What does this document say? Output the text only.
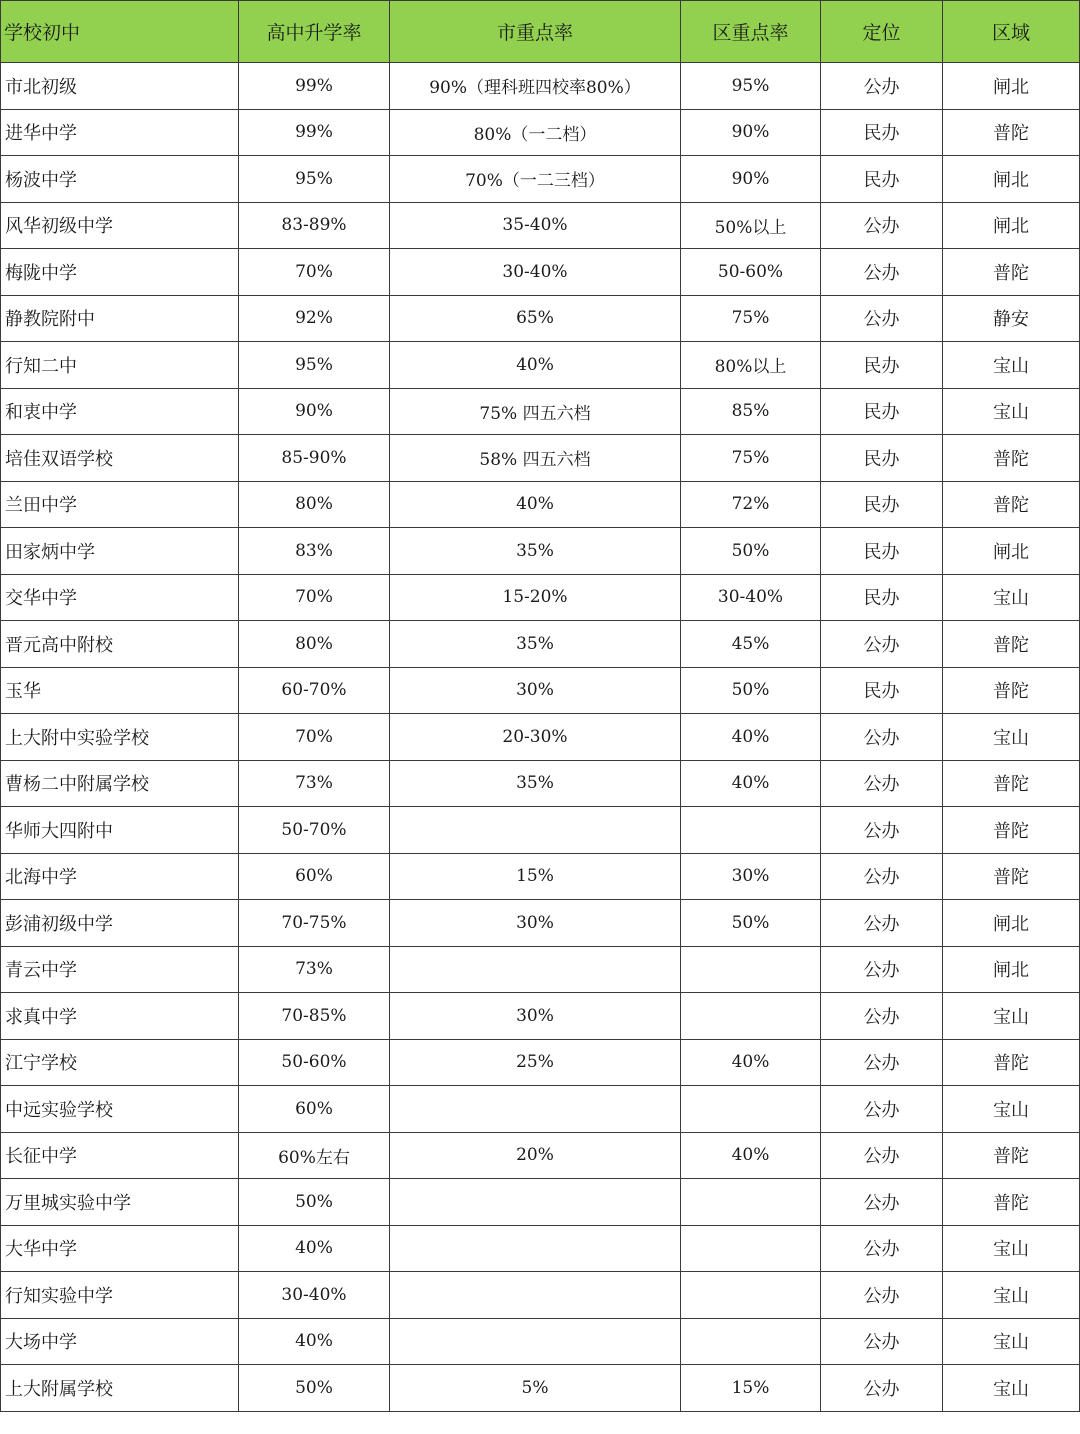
学校初中	高中升学率	市重点率	区重点率	定位	区域
市北初级	99%	90%（理科班四校率80%）	95%	公办	闸北
进华中学	99%	80%（一二档）	90%	民办	普陀
杨波中学	95%	70%（一二三档）	90%	民办	闸北
风华初级中学	83-89%	35-40%	50%以上	公办	闸北
梅陇中学	70%	30-40%	50-60%	公办	普陀
静教院附中	92%	65%	75%	公办	静安
行知二中	95%	40%	80%以上	民办	宝山
和衷中学	90%	75% 四五六档	85%	民办	宝山
培佳双语学校	85-90%	58% 四五六档	75%	民办	普陀
兰田中学	80%	40%	72%	民办	普陀
田家炳中学	83%	35%	50%	民办	闸北
交华中学	70%	15-20%	30-40%	民办	宝山
晋元高中附校	80%	35%	45%	公办	普陀
玉华	60-70%	30%	50%	民办	普陀
上大附中实验学校	70%	20-30%	40%	公办	宝山
曹杨二中附属学校	73%	35%	40%	公办	普陀
华师大四附中	50-70%			公办	普陀
北海中学	60%	15%	30%	公办	普陀
彭浦初级中学	70-75%	30%	50%	公办	闸北
青云中学	73%			公办	闸北
求真中学	70-85%	30%		公办	宝山
江宁学校	50-60%	25%	40%	公办	普陀
中远实验学校	60%			公办	宝山
长征中学	60%左右	20%	40%	公办	普陀
万里城实验中学	50%			公办	普陀
大华中学	40%			公办	宝山
行知实验中学	30-40%			公办	宝山
大场中学	40%			公办	宝山
上大附属学校	50%	5%	15%	公办	宝山
